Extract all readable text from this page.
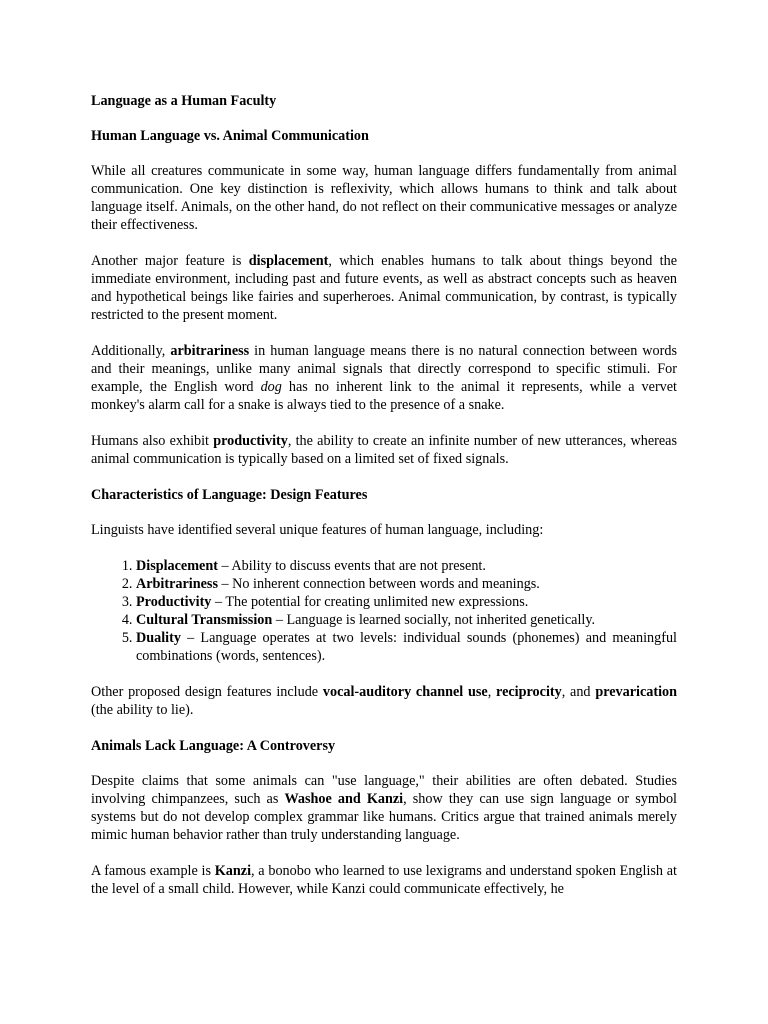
Language as a Human Faculty
Human Language vs. Animal Communication

While all creatures communicate in some way, human language differs fundamentally from animal communication. One key distinction is reflexivity, which allows humans to think and talk about language itself. Animals, on the other hand, do not reflect on their communicative messages or analyze their effectiveness.

Another major feature is displacement, which enables humans to talk about things beyond the immediate environment, including past and future events, as well as abstract concepts such as heaven and hypothetical beings like fairies and superheroes. Animal communication, by contrast, is typically restricted to the present moment.

Additionally, arbitrariness in human language means there is no natural connection between words and their meanings, unlike many animal signals that directly correspond to specific stimuli. For example, the English word dog has no inherent link to the animal it represents, while a vervet monkey's alarm call for a snake is always tied to the presence of a snake.

Humans also exhibit productivity, the ability to create an infinite number of new utterances, whereas animal communication is typically based on a limited set of fixed signals.

Characteristics of Language: Design Features

Linguists have identified several unique features of human language, including:

1. Displacement – Ability to discuss events that are not present.
2. Arbitrariness – No inherent connection between words and meanings.
3. Productivity – The potential for creating unlimited new expressions.
4. Cultural Transmission – Language is learned socially, not inherited genetically.
5. Duality – Language operates at two levels: individual sounds (phonemes) and meaningful combinations (words, sentences).

Other proposed design features include vocal-auditory channel use, reciprocity, and prevarication (the ability to lie).

Animals Lack Language: A Controversy

Despite claims that some animals can "use language," their abilities are often debated. Studies involving chimpanzees, such as Washoe and Kanzi, show they can use sign language or symbol systems but do not develop complex grammar like humans. Critics argue that trained animals merely mimic human behavior rather than truly understanding language.

A famous example is Kanzi, a bonobo who learned to use lexigrams and understand spoken English at the level of a small child. However, while Kanzi could communicate effectively, he
